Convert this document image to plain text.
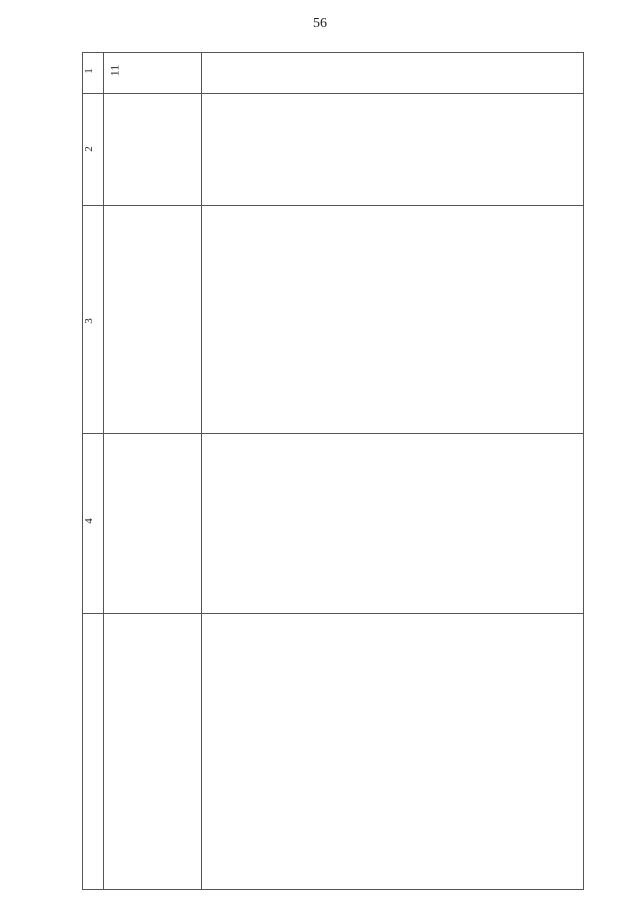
56
1
2
3
4
11
